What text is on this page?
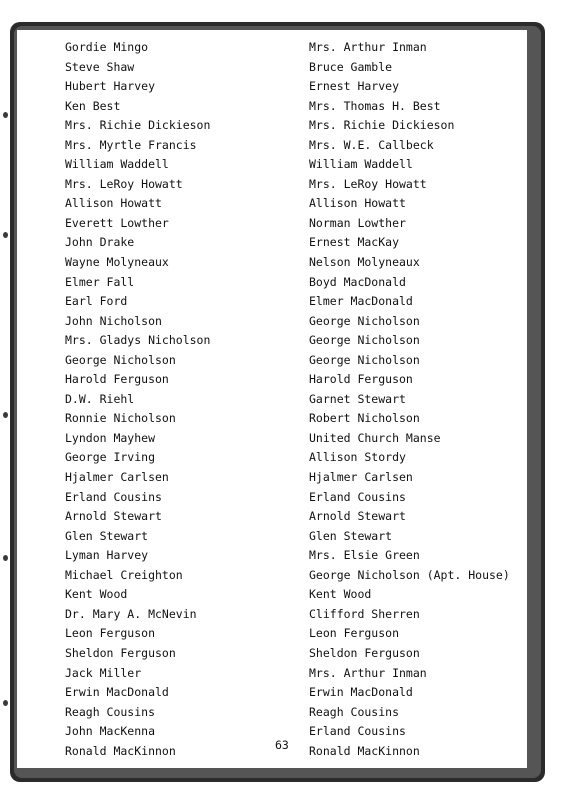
Gordie Mingo
Steve Shaw
Hubert Harvey
Ken Best
Mrs. Richie Dickieson
Mrs. Myrtle Francis
William Waddell
Mrs. LeRoy Howatt
Allison Howatt
Everett Lowther
John Drake
Wayne Molyneaux
Elmer Fall
Earl Ford
John Nicholson
Mrs. Gladys Nicholson
George Nicholson
Harold Ferguson
D.W. Riehl
Ronnie Nicholson
Lyndon Mayhew
George Irving
Hjalmer Carlsen
Erland Cousins
Arnold Stewart
Glen Stewart
Lyman Harvey
Michael Creighton
Kent Wood
Dr. Mary A. McNevin
Leon Ferguson
Sheldon Ferguson
Jack Miller
Erwin MacDonald
Reagh Cousins
John MacKenna
Ronald MacKinnon
Mrs. Arthur Inman
Bruce Gamble
Ernest Harvey
Mrs. Thomas H. Best
Mrs. Richie Dickieson
Mrs. W.E. Callbeck
William Waddell
Mrs. LeRoy Howatt
Allison Howatt
Norman Lowther
Ernest MacKay
Nelson Molyneaux
Boyd MacDonald
Elmer MacDonald
George Nicholson
George Nicholson
George Nicholson
Harold Ferguson
Garnet Stewart
Robert Nicholson
United Church Manse
Allison Stordy
Hjalmer Carlsen
Erland Cousins
Arnold Stewart
Glen Stewart
Mrs. Elsie Green
George Nicholson (Apt. House)
Kent Wood
Clifford Sherren
Leon Ferguson
Sheldon Ferguson
Mrs. Arthur Inman
Erwin MacDonald
Reagh Cousins
Erland Cousins
Ronald MacKinnon
63
